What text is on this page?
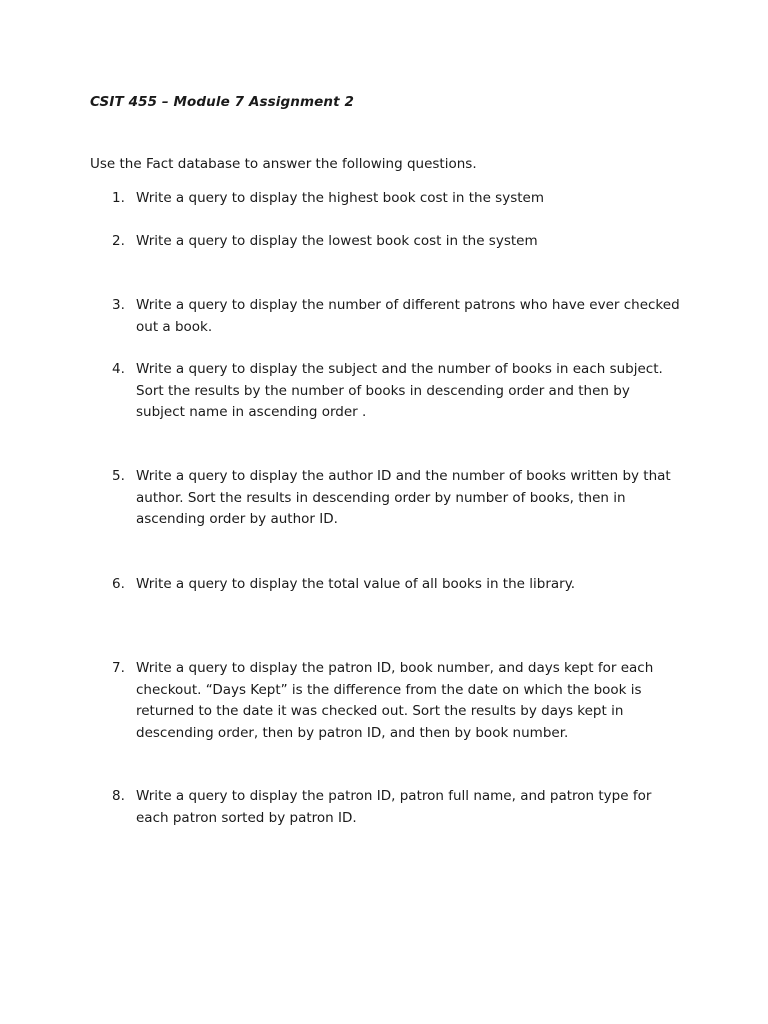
CSIT 455 – Module 7 Assignment 2
Use the Fact database to answer the following questions.
1. Write a query to display the highest book cost in the system
2. Write a query to display the lowest book cost in the system
3. Write a query to display the number of different patrons who have ever checked out a book.
4. Write a query to display the subject and the number of books in each subject. Sort the results by the number of books in descending order and then by subject name in ascending order .
5. Write a query to display the author ID and the number of books written by that author. Sort the results in descending order by number of books, then in ascending order by author ID.
6. Write a query to display the total value of all books in the library.
7. Write a query to display the patron ID, book number, and days kept for each checkout. “Days Kept” is the difference from the date on which the book is returned to the date it was checked out. Sort the results by days kept in descending order, then by patron ID, and then by book number.
8. Write a query to display the patron ID, patron full name, and patron type for each patron sorted by patron ID.
